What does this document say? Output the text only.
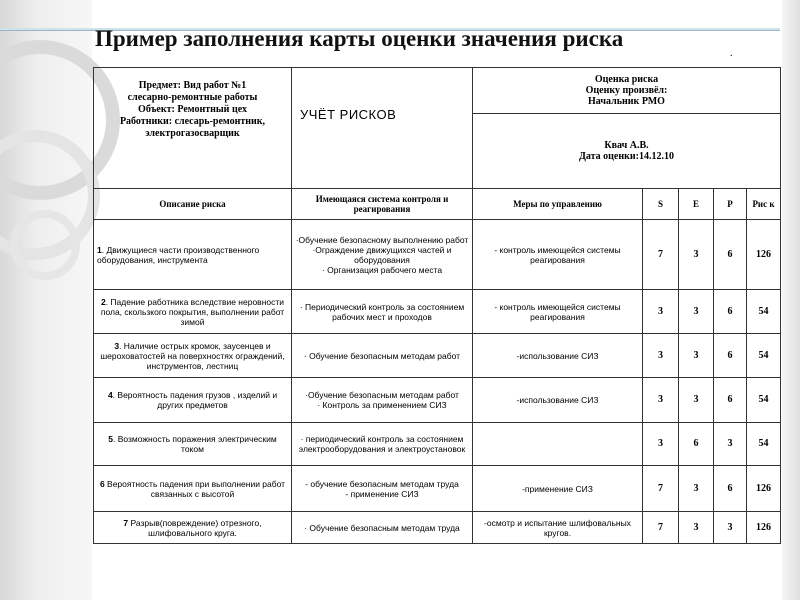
Пример заполнения карты оценки значения риска
.
Предмет: Вид работ №1
слесарно-ремонтные работы
Объект: Ремонтный цех
Работники: слесарь-ремонтник,
электрогазосварщик	УЧЁТ РИСКОВ	Оценка риска
Оценку произвёл:
Начальник РМО				

		Квач А.В.
Дата оценки:14.12.10				

Описание риска	Имеющаяся система контроля и реагирования	Меры по управлению	S	E	P	Рис к
1. Движущиеся части производственного оборудования, инструмента	·Обучение безопасному выполнению работ
·Ограждение движущихся частей и оборудования
· Организация рабочего места	- контроль имеющейся системы реагирования	7	3	6	126
2. Падение работника вследствие неровности пола, скользкого покрытия, выполнении работ зимой	· Периодический контроль за состоянием рабочих мест и проходов	- контроль имеющейся системы реагирования	3	3	6	54
3. Наличие острых кромок, заусенцев и шероховатостей на поверхностях ограждений, инструментов, лестниц	· Обучение безопасным методам работ	-использование СИЗ	3	3	6	54
4. Вероятность падения грузов , изделий и других предметов	·Обучение безопасным методам работ
· Контроль за применением СИЗ	-использование СИЗ	3	3	6	54
5. Возможность поражения электрическим током	· периодический контроль за состоянием электрооборудования и электроустановок		3	6	3	54
6 Вероятность падения при выполнении работ связанных с высотой	- обучение безопасным методам труда
- применение СИЗ	-применение СИЗ	7	3	6	126
7 Разрыв(повреждение) отрезного, шлифовального круга.	· Обучение безопасным методам труда	-осмотр и испытание шлифовальных кругов.	7	3	3	126
